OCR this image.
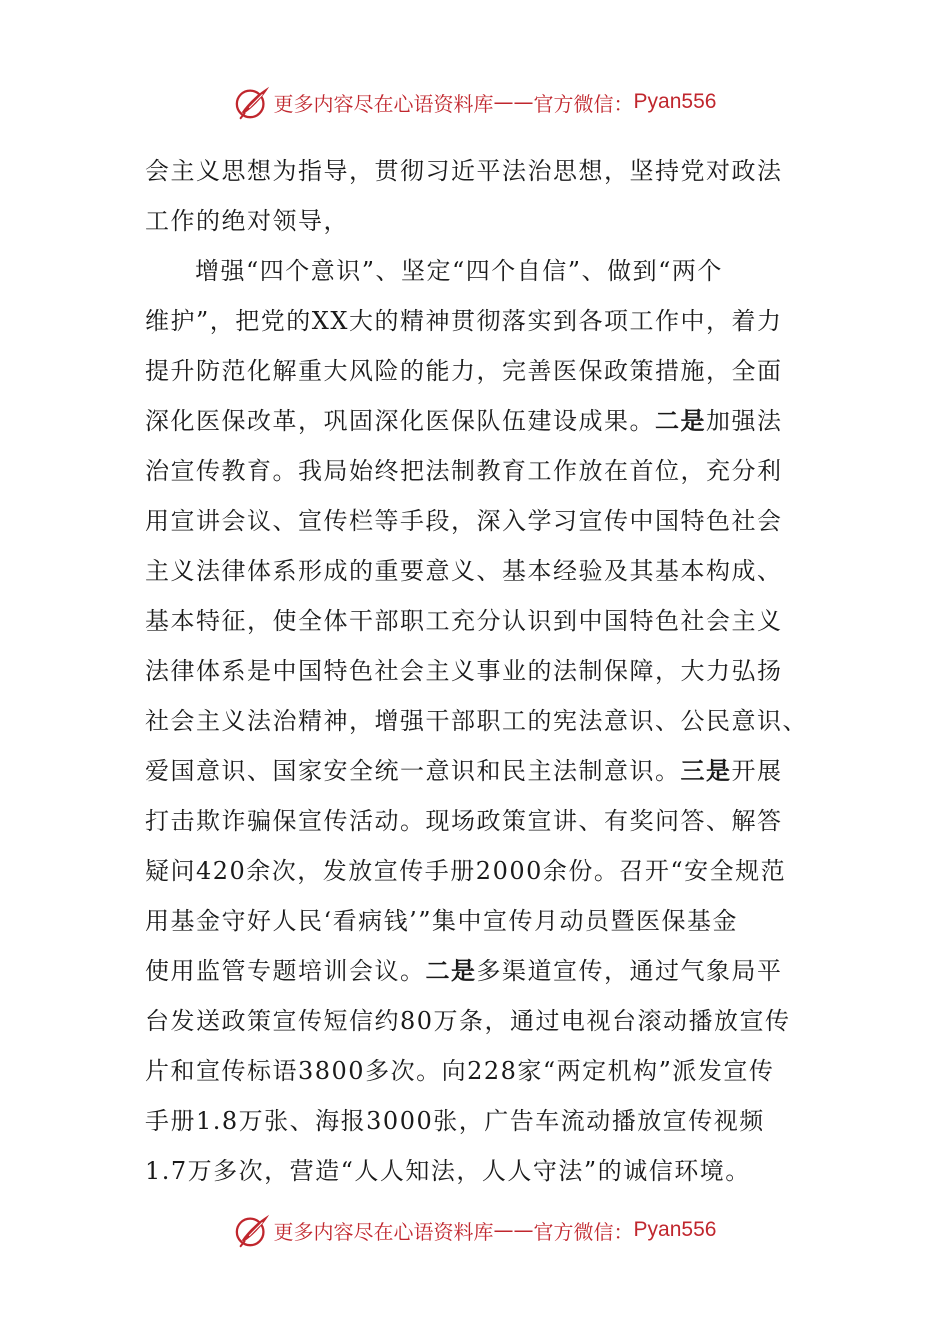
更多内容尽在心语资料库 —— 官方微信： Pyan556
会主义思想为指导，贯彻习近平法治思想，坚持党对政法
工作的绝对领导，
增强“四个意识”、坚定“四个自信”、做到“两个
维护”，把党的XX大的精神贯彻落实到各项工作中，着力
提升防范化解重大风险的能力，完善医保政策措施，全面
深化医保改革，巩固深化医保队伍建设成果。二是加强法
治宣传教育。我局始终把法制教育工作放在首位，充分利
用宣讲会议、宣传栏等手段，深入学习宣传中国特色社会
主义法律体系形成的重要意义、基本经验及其基本构成、
基本特征，使全体干部职工充分认识到中国特色社会主义
法律体系是中国特色社会主义事业的法制保障，大力弘扬
社会主义法治精神，增强干部职工的宪法意识、公民意识、
爱国意识、国家安全统一意识和民主法制意识。三是开展
打击欺诈骗保宣传活动。现场政策宣讲、有奖问答、解答
疑问420余次，发放宣传手册2000余份。召开“安全规范
用基金守好人民‘看病钱’”集中宣传月动员暨医保基金
使用监管专题培训会议。二是多渠道宣传，通过气象局平
台发送政策宣传短信约80万条，通过电视台滚动播放宣传
片和宣传标语3800多次。向228家“两定机构”派发宣传
手册1.8万张、海报3000张，广告车流动播放宣传视频
1.7万多次，营造“人人知法，人人守法”的诚信环境。
更多内容尽在心语资料库 —— 官方微信： Pyan556
